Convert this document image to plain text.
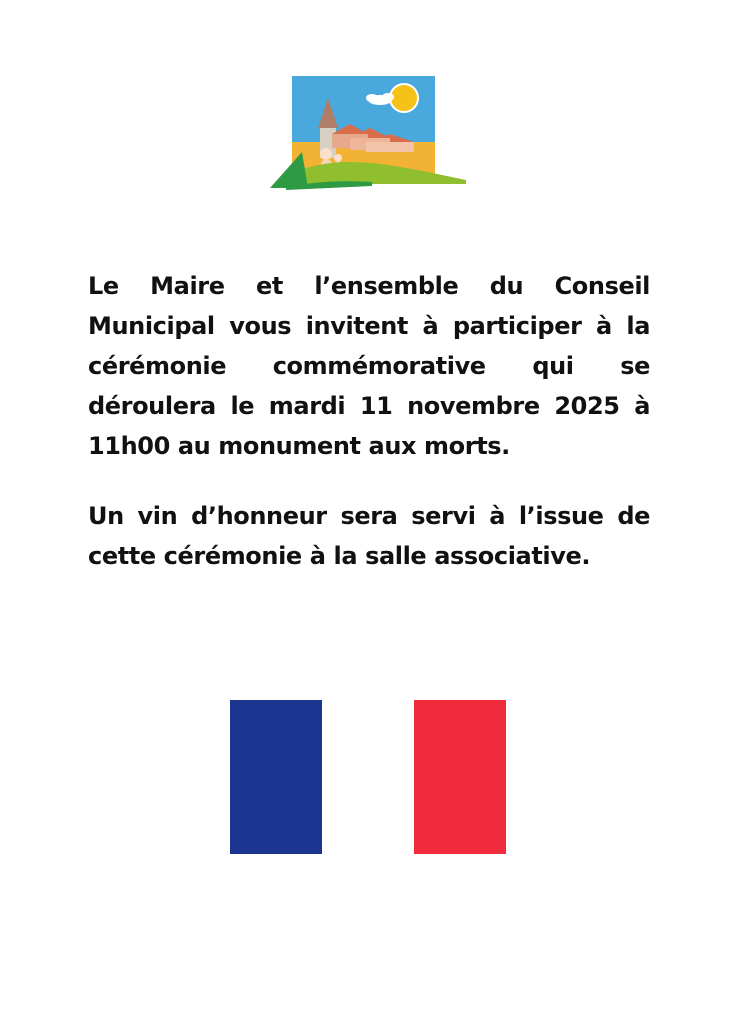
Le Maire et l’ensemble du Conseil Municipal vous invitent à participer à la cérémonie commémorative qui se déroulera le mardi 11 novembre 2025 à 11h00 au monument aux morts.

Un vin d’honneur sera servi à l’issue de cette cérémonie à la salle associative.
